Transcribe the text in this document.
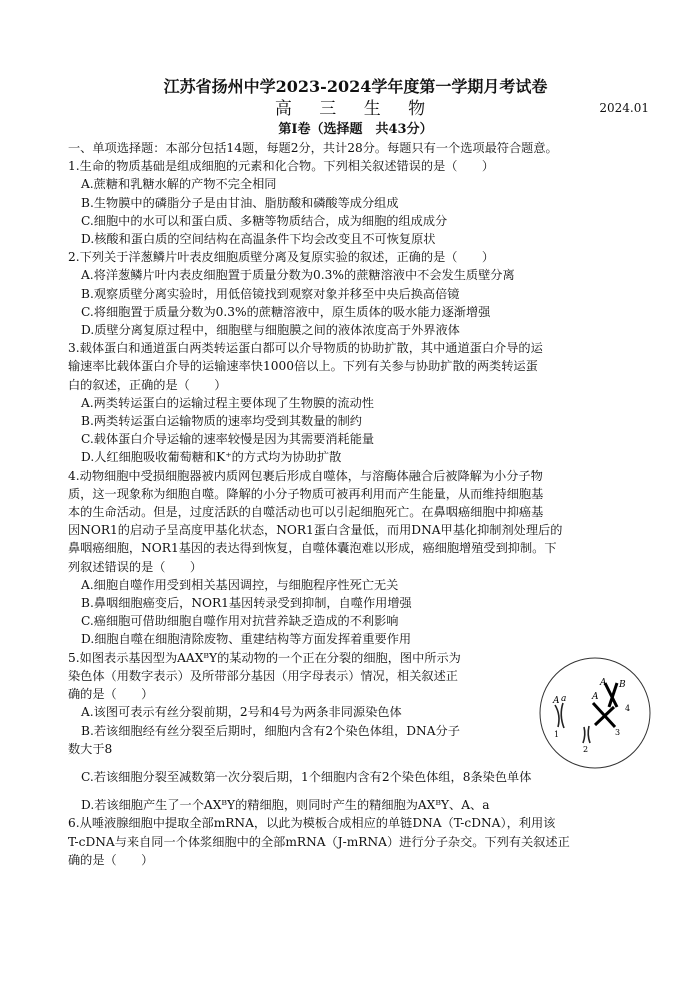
江苏省扬州中学2023-2024学年度第一学期月考试卷
高 三 生 物	2024.01
第Ⅰ卷（选择题　共43分）

一、单项选择题：本部分包括14题，每题2分，共计28分。每题只有一个选项最符合题意。

1.生命的物质基础是组成细胞的元素和化合物。下列相关叙述错误的是（　　）

A.蔗糖和乳糖水解的产物不完全相同

B.生物膜中的磷脂分子是由甘油、脂肪酸和磷酸等成分组成

C.细胞中的水可以和蛋白质、多糖等物质结合，成为细胞的组成成分

D.核酸和蛋白质的空间结构在高温条件下均会改变且不可恢复原状

2.下列关于洋葱鳞片叶表皮细胞质壁分离及复原实验的叙述，正确的是（　　）

A.将洋葱鳞片叶内表皮细胞置于质量分数为0.3%的蔗糖溶液中不会发生质壁分离

B.观察质壁分离实验时，用低倍镜找到观察对象并移至中央后换高倍镜

C.将细胞置于质量分数为0.3%的蔗糖溶液中，原生质体的吸水能力逐渐增强

D.质壁分离复原过程中，细胞壁与细胞膜之间的液体浓度高于外界液体

3.载体蛋白和通道蛋白两类转运蛋白都可以介导物质的协助扩散，其中通道蛋白介导的运

输速率比载体蛋白介导的运输速率快1000倍以上。下列有关参与协助扩散的两类转运蛋

白的叙述，正确的是（　　）

A.两类转运蛋白的运输过程主要体现了生物膜的流动性

B.两类转运蛋白运输物质的速率均受到其数量的制约

C.载体蛋白介导运输的速率较慢是因为其需要消耗能量

D.人红细胞吸收葡萄糖和K⁺的方式均为协助扩散

4.动物细胞中受损细胞器被内质网包裹后形成自噬体，与溶酶体融合后被降解为小分子物

质，这一现象称为细胞自噬。降解的小分子物质可被再利用而产生能量，从而维持细胞基

本的生命活动。但是，过度活跃的自噬活动也可以引起细胞死亡。在鼻咽癌细胞中抑癌基

因NOR1的启动子呈高度甲基化状态，NOR1蛋白含量低，而用DNA甲基化抑制剂处理后的

鼻咽癌细胞，NOR1基因的表达得到恢复，自噬体囊泡难以形成，癌细胞增殖受到抑制。下

列叙述错误的是（　　）

A.细胞自噬作用受到相关基因调控，与细胞程序性死亡无关

B.鼻咽细胞癌变后，NOR1基因转录受到抑制，自噬作用增强

C.癌细胞可借助细胞自噬作用对抗营养缺乏造成的不利影响

D.细胞自噬在细胞清除废物、重建结构等方面发挥着重要作用

5.如图表示基因型为AAXᴮY的某动物的一个正在分裂的细胞，图中所示为

染色体（用数字表示）及所带部分基因（用字母表示）情况，相关叙述正

确的是（　　）

A.该图可表示有丝分裂前期，2号和4号为两条非同源染色体

B.若该细胞经有丝分裂至后期时，细胞内含有2个染色体组，DNA分子

数大于8

A a	A
A B
1
2
3
4

C.若该细胞分裂至减数第一次分裂后期，1个细胞内含有2个染色体组，8条染色单体

D.若该细胞产生了一个AXᴮY的精细胞，则同时产生的精细胞为AXᴮY、A、a

6.从唾液腺细胞中提取全部mRNA，以此为模板合成相应的单链DNA（T-cDNA），利用该

T-cDNA与来自同一个体浆细胞中的全部mRNA（J-mRNA）进行分子杂交。下列有关叙述正

确的是（　　）
